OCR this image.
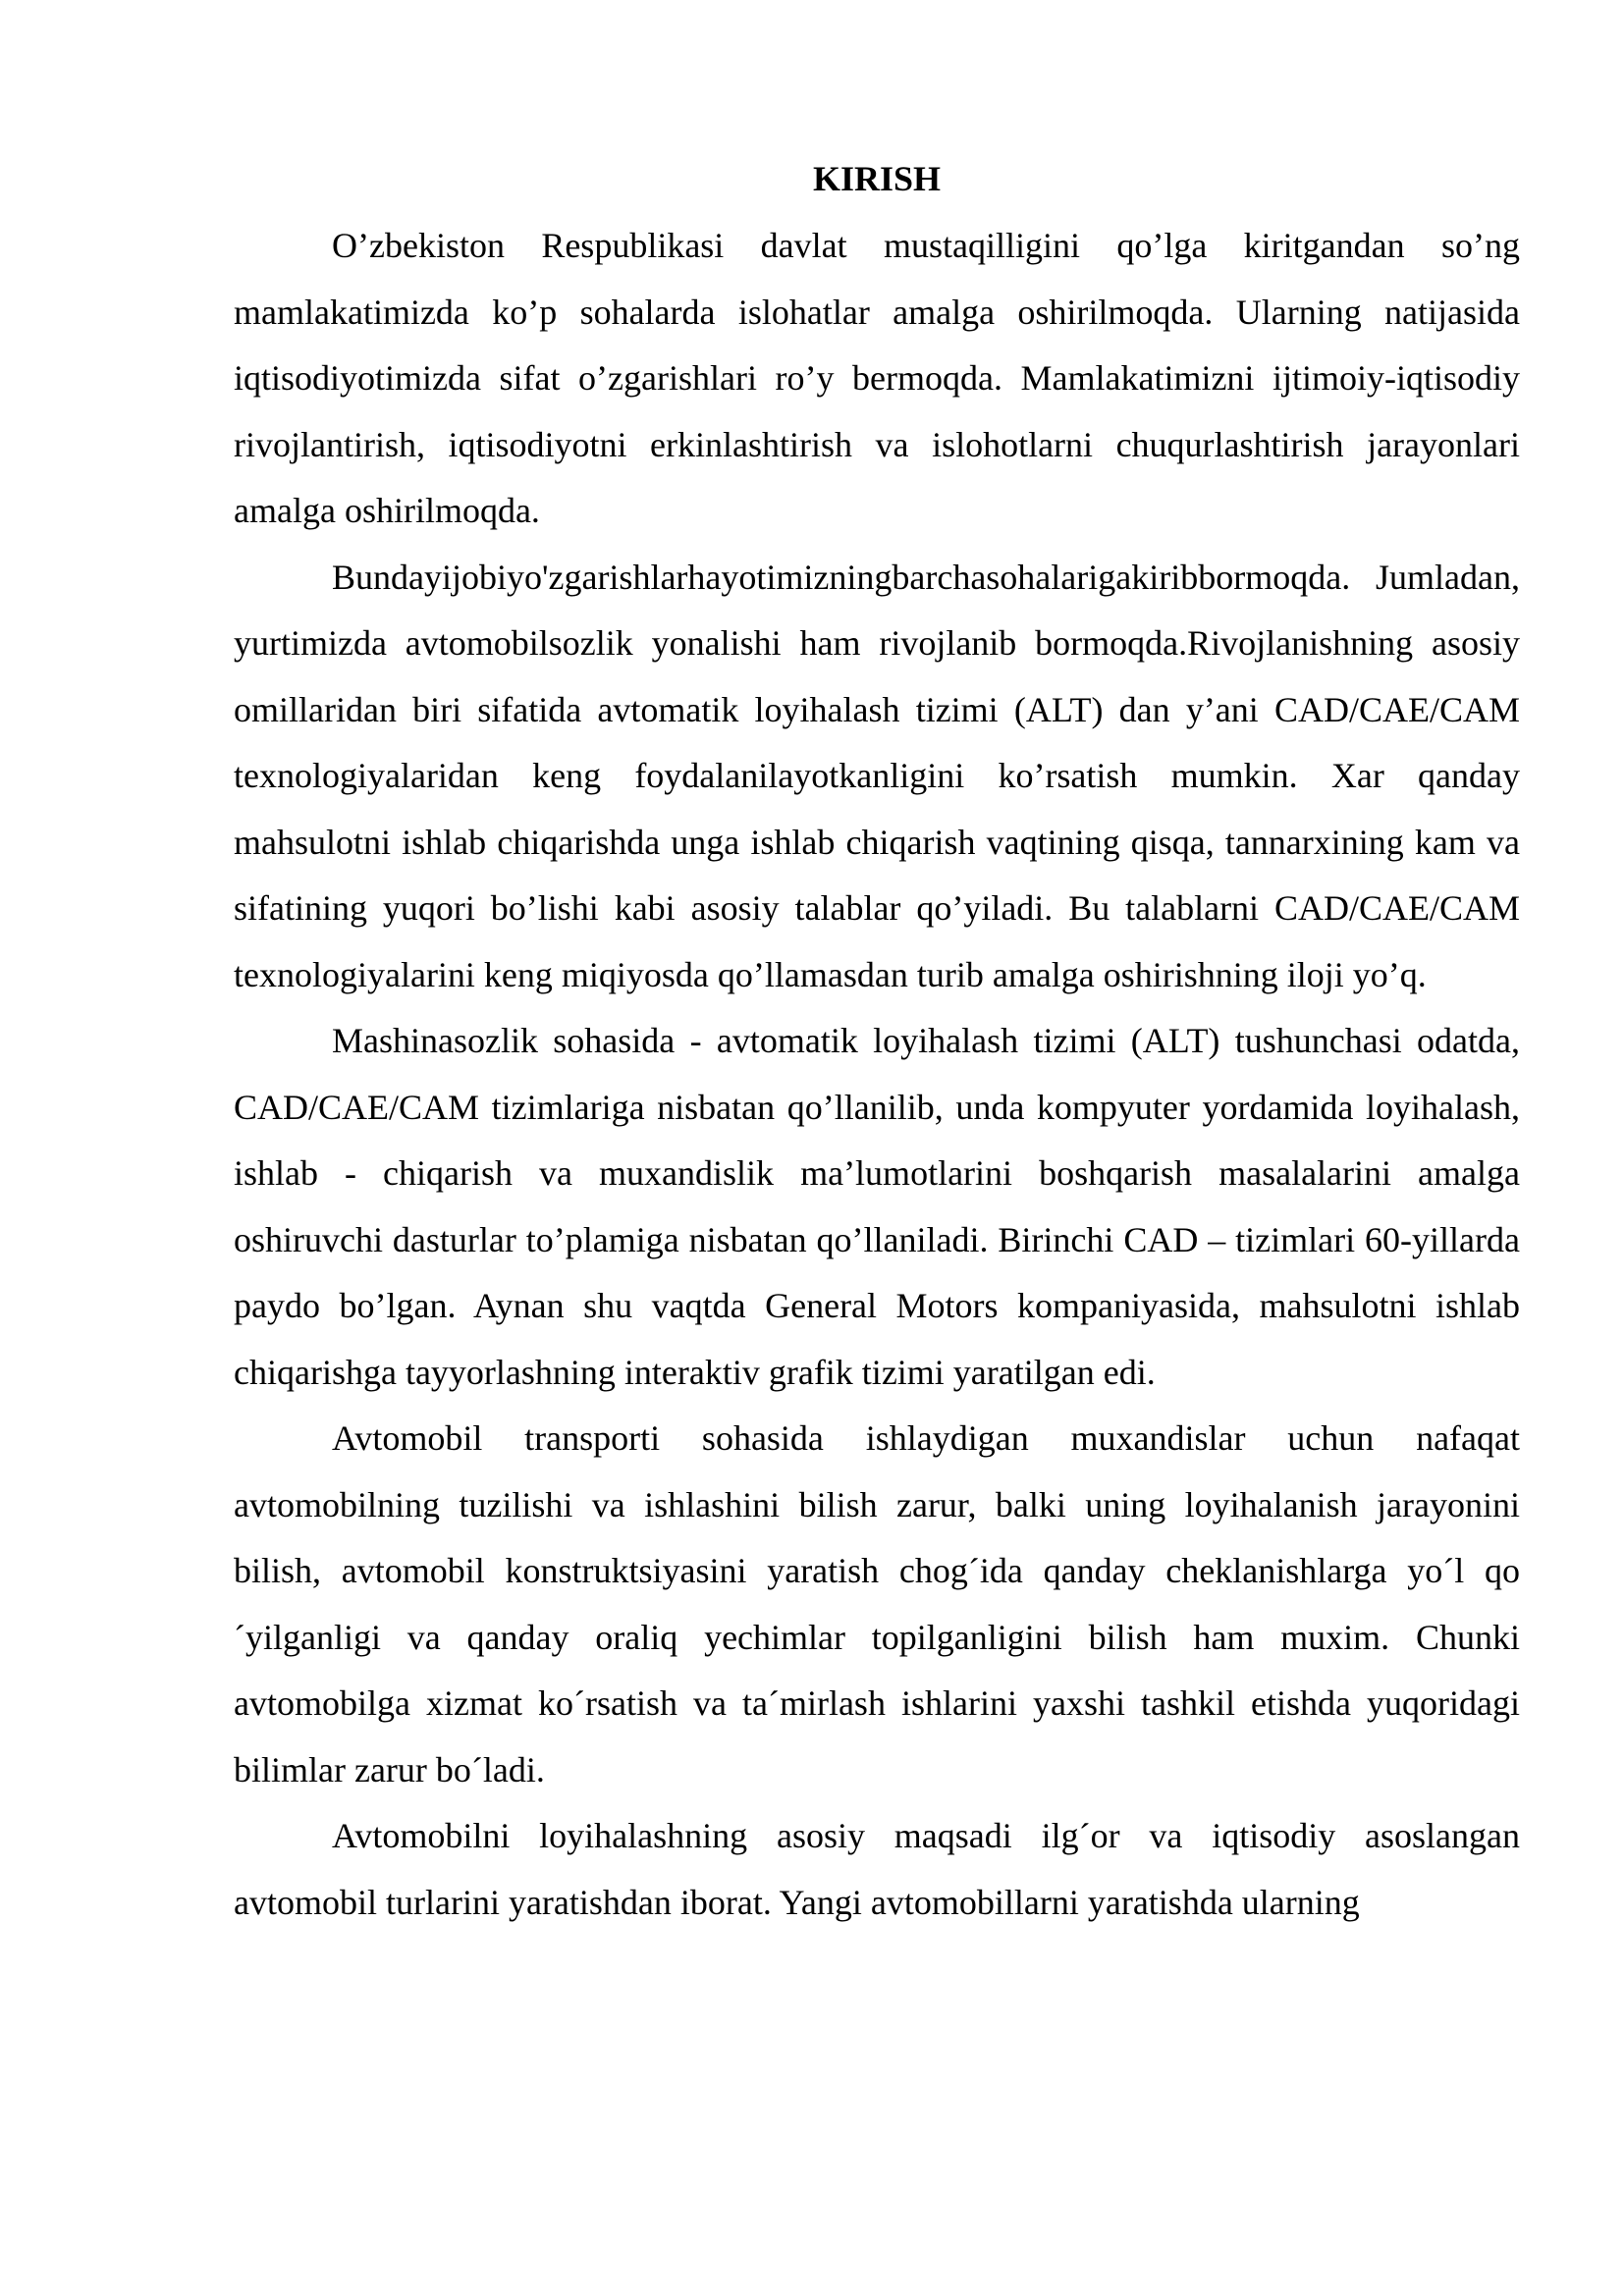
KIRISH

O’zbekiston Respublikasi davlat mustaqilligini qo’lga kiritgandan so’ng mamlakatimizda ko’p sohalarda islohatlar amalga oshirilmoqda. Ularning natijasida iqtisodiyotimizda sifat o’zgarishlari ro’y bermoqda. Mamlakatimizni ijtimoiy-iqtisodiy rivojlantirish, iqtisodiyotni erkinlashtirish va islohotlarni chuqurlashtirish jarayonlari amalga oshirilmoqda.

Bundayijobiyo'zgarishlarhayotimizningbarchasohalarigakiribbormoqda. Jumladan, yurtimizda avtomobilsozlik yonalishi ham rivojlanib bormoqda.Rivojlanishning asosiy omillaridan biri sifatida avtomatik loyihalash tizimi (ALT) dan y’ani CAD/CAE/CAM texnologiyalaridan keng foydalanilayotkanligini ko’rsatish mumkin. Xar qanday mahsulotni ishlab chiqarishda unga ishlab chiqarish vaqtining qisqa, tannarxining kam va sifatining yuqori bo’lishi kabi asosiy talablar qo’yiladi. Bu talablarni CAD/CAE/CAM texnologiyalarini keng miqiyosda qo’llamasdan turib amalga oshirishning iloji yo’q.

Mashinasozlik sohasida - avtomatik loyihalash tizimi (ALT) tushunchasi odatda, CAD/CAE/CAM tizimlariga nisbatan qo’llanilib, unda kompyuter yordamida loyihalash, ishlab - chiqarish va muxandislik ma’lumotlarini boshqarish masalalarini amalga oshiruvchi dasturlar to’plamiga nisbatan qo’llaniladi. Birinchi CAD – tizimlari 60-yillarda paydo bo’lgan. Aynan shu vaqtda General Motors kompaniyasida, mahsulotni ishlab chiqarishga tayyorlashning interaktiv grafik tizimi yaratilgan edi.

Avtomobil transporti sohasida ishlaydigan muxandislar uchun nafaqat avtomobilning tuzilishi va ishlashini bilish zarur, balki uning loyihalanish jarayonini bilish, avtomobil konstruktsiyasini yaratish chog´ida qanday cheklanishlarga yo´l qo´yilganligi va qanday oraliq yechimlar topilganligini bilish ham muxim. Chunki avtomobilga xizmat ko´rsatish va ta´mirlash ishlarini yaxshi tashkil etishda yuqoridagi bilimlar zarur bo´ladi.

Avtomobilni loyihalashning asosiy maqsadi ilg´or va iqtisodiy asoslangan avtomobil turlarini yaratishdan iborat. Yangi avtomobillarni yaratishda ularning
